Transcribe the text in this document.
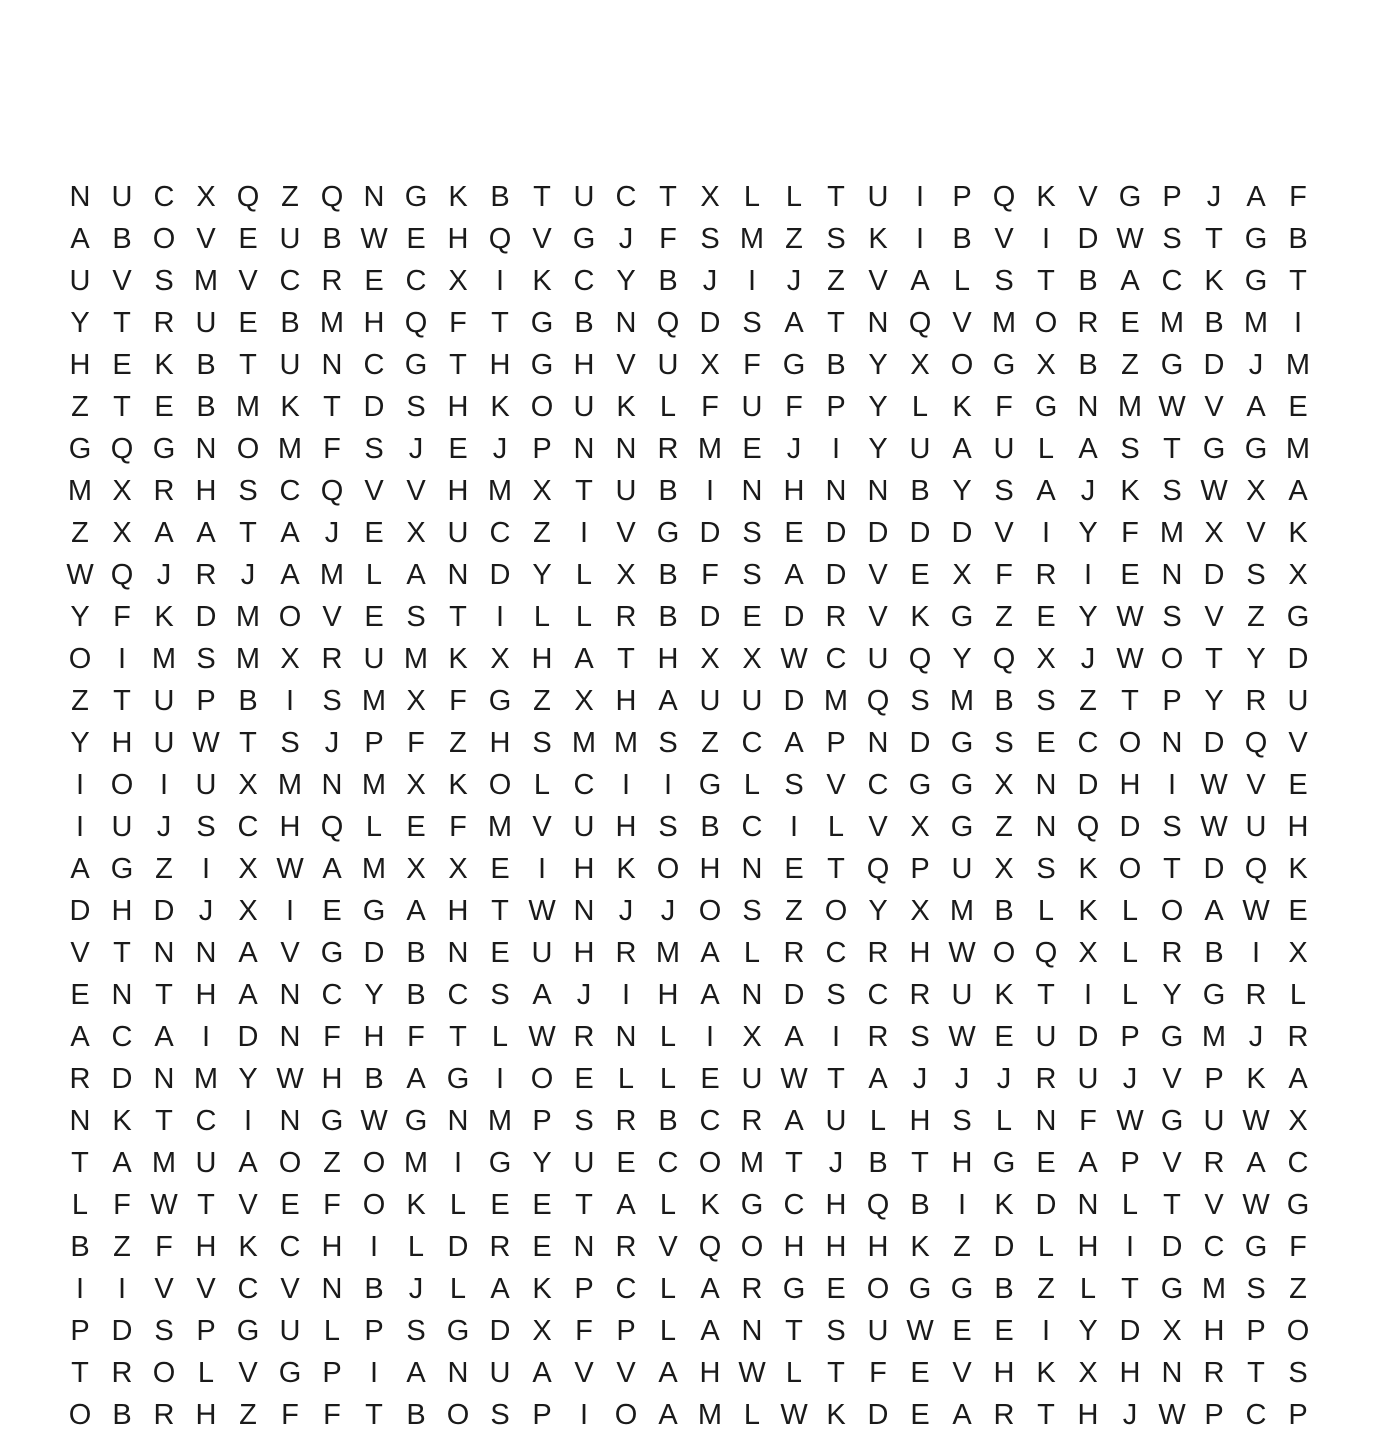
N U C X Q Z Q N G K B T U C T X L L T U I P Q K V G P J A F
A B O V E U B W E H Q V G J F S M Z S K I B V I D W S T G B
U V S M V C R E C X I K C Y B J	I	J Z V A L S T B A C K G T
Y T R U E B M H Q F T G B N Q D S A T N Q V M O R E M B M I
H E K B T U N C G T H G H V U X F G B Y X O G X B Z G D J M
Z T E B M K T D S H K O U K L F U F P Y L K F G N M W V A E
G Q G N O M F S J E J P N N R M E J	I Y U A U L A S T G G M
M X R H S C Q V V H M X T U B I N H N N B Y S A J K S W X A
Z X A A T A J E X U C Z	I V G D S E D D D D V I Y F M X V K
W Q J R J A M L A N D Y L X B F S A D V E X F R I E N D S X
Y F K D M O V E S T	I	L L R B D E D R V K G Z E Y W S V Z G
O I M S M X R U M K X H A T H X X W C U Q Y Q X J W O T Y D
Z T U P B I S M X F G Z X H A U U D M Q S M B S Z T P Y R U
Y H U W T S J P F Z H S M M S Z C A P N D G S E C O N D Q V
I O I U X M N M X K O L C I	I G L S V C G G X N D H I W V E
I U J S C H Q L E F M V U H S B C I	L V X G Z N Q D S W U H
A G Z	I X W A M X X E I H K O H N E T Q P U X S K O T D Q K
D H D J X I E G A H T W N J J O S Z O Y X M B L K L O A W E
V T N N A V G D B N E U H R M A L R C R H W O Q X L R B I X
E N T H A N C Y B C S A J	I H A N D S C R U K T	I	L Y G R L
A C A I D N F H F T L W R N L	I X A I R S W E U D P G M J R
R D N M Y W H B A G I O E L L E U W T A J J J R U J V P K A
N K T C I N G W G N M P S R B C R A U L H S L N F W G U W X
T A M U A O Z O M I G Y U E C O M T J B T H G E A P V R A C
L F W T V E F O K L E E T A L K G C H Q B I K D N L T V W G
B Z F H K C H I	L D R E N R V Q O H H H K Z D L H I D C G F
I	I V V C V N B J L A K P C L A R G E O G G B Z L T G M S Z
P D S P G U L P S G D X F P L A N T S U W E E I Y D X H P O
T R O L V G P I A N U A V V A H W L T F E V H K X H N R T S
O B R H Z F F T B O S P I O A M L W K D E A R T H J W P C P
